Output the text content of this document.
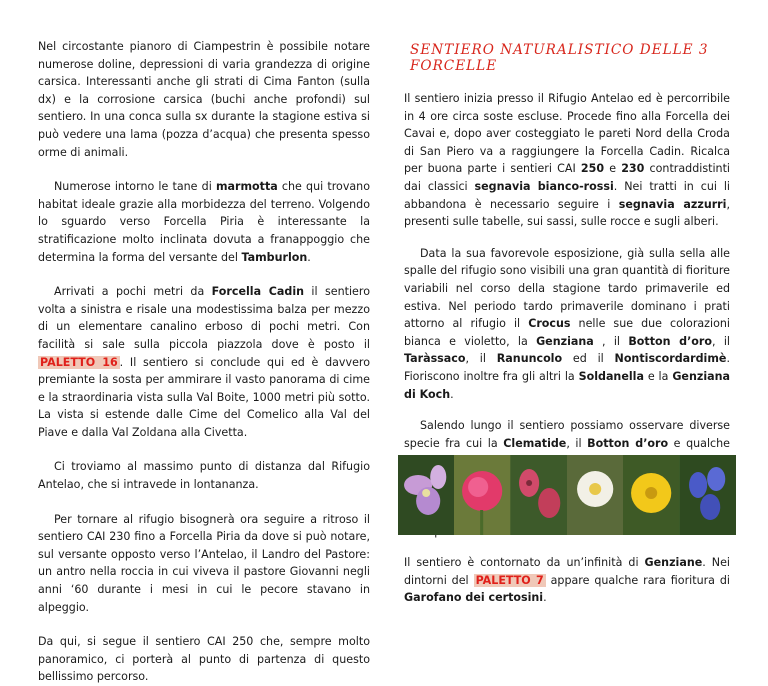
Nel circostante pianoro di Ciampestrin è possibile notare numerose doline, depressioni di varia grandezza di origine carsica. Interessanti anche gli strati di Cima Fanton (sulla dx) e la corrosione carsica (buchi anche profondi) sul sentiero. In una conca sulla sx durante la stagione estiva si può vedere una lama (pozza d’acqua) che presenta spesso orme di animali.

Numerose intorno le tane di marmotta che qui trovano habitat ideale grazie alla morbidezza del terreno. Volgendo lo sguardo verso Forcella Piria è interessante la stratificazione molto inclinata dovuta a franappoggio che determina la forma del versante del Tamburlon.

Arrivati a pochi metri da Forcella Cadin il sentiero volta a sinistra e risale una modestissima balza per mezzo di un elementare canalino erboso di pochi metri. Con facilità si sale sulla piccola piazzola dove è posto il PALETTO 16 . Il sentiero si conclude qui ed è davvero premiante la sosta per ammirare il vasto panorama di cime e la straordinaria vista sulla Val Boite, 1000 metri più sotto. La vista si estende dalle Cime del Comelico alla Val del Piave e dalla Val Zoldana alla Civetta.

Ci troviamo al massimo punto di distanza dal Rifugio Antelao, che si intravede in lontananza.

Per tornare al rifugio bisognerà ora seguire a ritroso il sentiero CAI 230 fino a Forcella Piria da dove si può notare, sul versante opposto verso l’Antelao, il Landro del Pastore: un antro nella roccia in cui viveva il pastore Giovanni negli anni ‘60 durante i mesi in cui le pecore stavano in alpeggio.

Da qui, si segue il sentiero CAI 250 che, sempre molto panoramico, ci porterà al punto di partenza di questo bellissimo percorso.

SENTIERO NATURALISTICO DELLE 3 FORCELLE

Il sentiero inizia presso il Rifugio Antelao ed è percorribile in 4 ore circa soste escluse. Procede fino alla Forcella dei Cavai e, dopo aver costeggiato le pareti Nord della Croda di San Piero va a raggiungere la Forcella Cadin. Ricalca per buona parte i sentieri CAI 250 e 230 contraddistinti dai classici segnavia bianco-rossi. Nei tratti in cui li abbandona è necessario seguire i segnavia azzurri, presenti sulle tabelle, sui sassi, sulle rocce e sugli alberi.

Data la sua favorevole esposizione, già sulla sella alle spalle del rifugio sono visibili una gran quantità di fioriture variabili nel corso della stagione tardo primaverile ed estiva. Nel periodo tardo primaverile dominano i prati attorno al rifugio il Crocus nelle sue due colorazioni bianca e violetto, la Genziana , il Botton d’oro, il Taràssaco, il Ranuncolo ed il Nontiscordardimè. Fioriscono inoltre fra gli altri la Soldanella e la Genziana di Koch.

Salendo lungo il sentiero possiamo osservare diverse specie fra cui la Clematide, il Botton d’oro e qualche

Il sentiero è contornato da un’infinità di Genziane. Nei dintorni del PALETTO 7 appare qualche rara fioritura di Garofano dei certosini.
